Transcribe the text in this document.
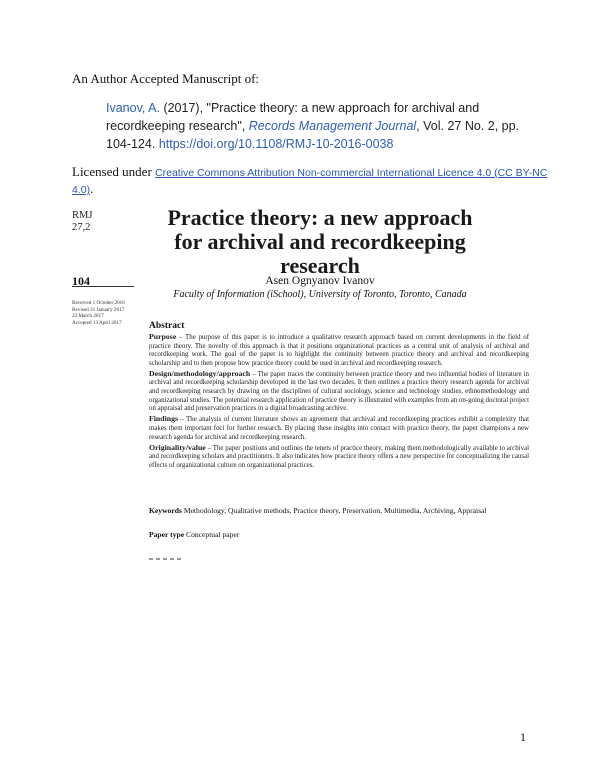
An Author Accepted Manuscript of:
Ivanov, A. (2017), "Practice theory: a new approach for archival and recordkeeping research", Records Management Journal, Vol. 27 No. 2, pp. 104-124. https://doi.org/10.1108/RMJ-10-2016-0038
Licensed under Creative Commons Attribution Non-commercial International Licence 4.0 (CC BY-NC 4.0).
RMJ
27,2
104
Received 1 October 2016
Revised 31 January 2017
23 March 2017
Accepted 13 April 2017
Practice theory: a new approach for archival and recordkeeping research
Asen Ognyanov Ivanov
Faculty of Information (iSchool), University of Toronto, Toronto, Canada
Abstract

Purpose – The purpose of this paper is to introduce a qualitative research approach based on current developments in the field of practice theory. The novelty of this approach is that it positions organizational practices as a central unit of analysis of archival and recordkeeping work. The goal of the paper is to highlight the continuity between practice theory and archival and recordkeeping scholarship and to then propose how practice theory could be used in archival and recordkeeping research.

Design/methodology/approach – The paper traces the continuity between practice theory and two influential bodies of literature in archival and recordkeeping scholarship developed in the last two decades. It then outlines a practice theory research agenda for archival and recordkeeping research by drawing on the disciplines of cultural sociology, science and technology studies, ethnomethodology and organizational studies. The potential research application of practice theory is illustrated with examples from an on-going doctoral project on appraisal and preservation practices in a digital broadcasting archive.

Findings – The analysis of current literature shows an agreement that archival and recordkeeping practices exhibit a complexity that makes them important foci for further research. By placing these insights into contact with practice theory, the paper champions a new research agenda for archival and recordkeeping research.

Originality/value – The paper positions and outlines the tenets of practice theory, making them methodologically available to archival and recordkeeping scholars and practitioners. It also indicates how practice theory offers a new perspective for conceptualizing the causal effects of organizational culture on organizational practices.

Keywords Methodology, Qualitative methods, Practice theory, Preservation, Multimedia, Archiving, Appraisal
Paper type Conceptual paper
1
